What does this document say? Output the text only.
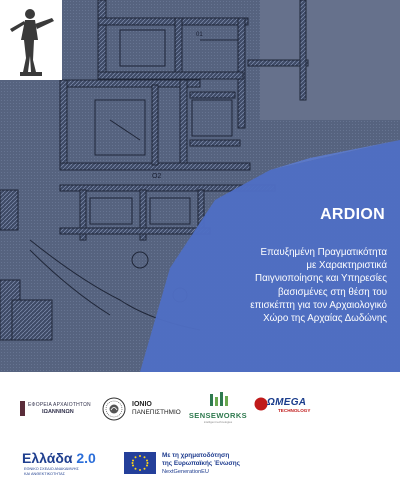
01
Ο2
ARDION
Επαυξημένη Πραγματικότητα
με Χαρακτηριστικά
Παιγνιοποίησης και Υπηρεσίες
βασισμένες στη θέση του
επισκέπτη για τον Αρχαιολογικό
Χώρο της Αρχαίας Δωδώνης
ΕΦΟΡΕΙΑ ΑΡΧΑΙΟΤΗΤΩΝ
ΙΩΑΝΝΙΝΩΝ
ΙΟΝΙΟ
ΠΑΝΕΠΙΣΤΗΜΙΟ	SENSEWORKS
intelligent technologies
ΩMEGA
TECHNOLOGY
Ελλάδα 2.0
ΕΘΝΙΚΟ ΣΧΕΔΙΟ ΑΝΑΚΑΜΨΗΣ
ΚΑΙ ΑΝΘΕΚΤΙΚΟΤΗΤΑΣ
Με τη χρηματοδότηση
της Ευρωπαϊκής Ένωσης
NextGenerationEU
